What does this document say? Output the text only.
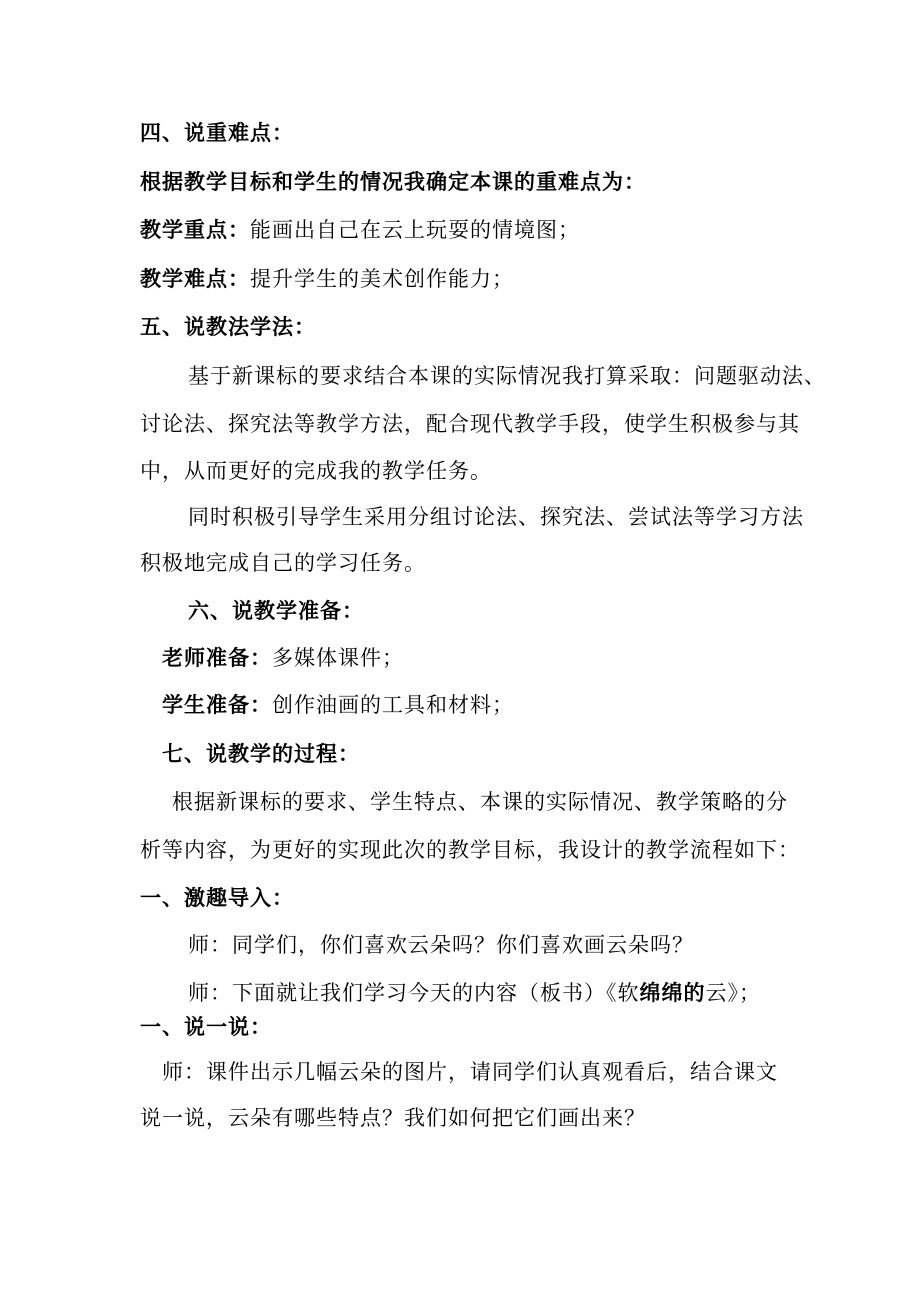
四、说重难点：
根据教学目标和学生的情况我确定本课的重难点为：
教学重点：能画出自己在云上玩耍的情境图；
教学难点：提升学生的美术创作能力；
五、说教法学法：
基于新课标的要求结合本课的实际情况我打算采取：问题驱动法、
讨论法、探究法等教学方法，配合现代教学手段，使学生积极参与其
中，从而更好的完成我的教学任务。
同时积极引导学生采用分组讨论法、探究法、尝试法等学习方法
积极地完成自己的学习任务。
六、说教学准备：
老师准备：多媒体课件；
学生准备：创作油画的工具和材料；
七、说教学的过程：
根据新课标的要求、学生特点、本课的实际情况、教学策略的分
析等内容，为更好的实现此次的教学目标，我设计的教学流程如下：
一、激趣导入：
师：同学们，你们喜欢云朵吗？你们喜欢画云朵吗？
师：下面就让我们学习今天的内容（板书）《软绵绵的云》；
一、说一说：
师：课件出示几幅云朵的图片，请同学们认真观看后，结合课文
说一说，云朵有哪些特点？我们如何把它们画出来？
